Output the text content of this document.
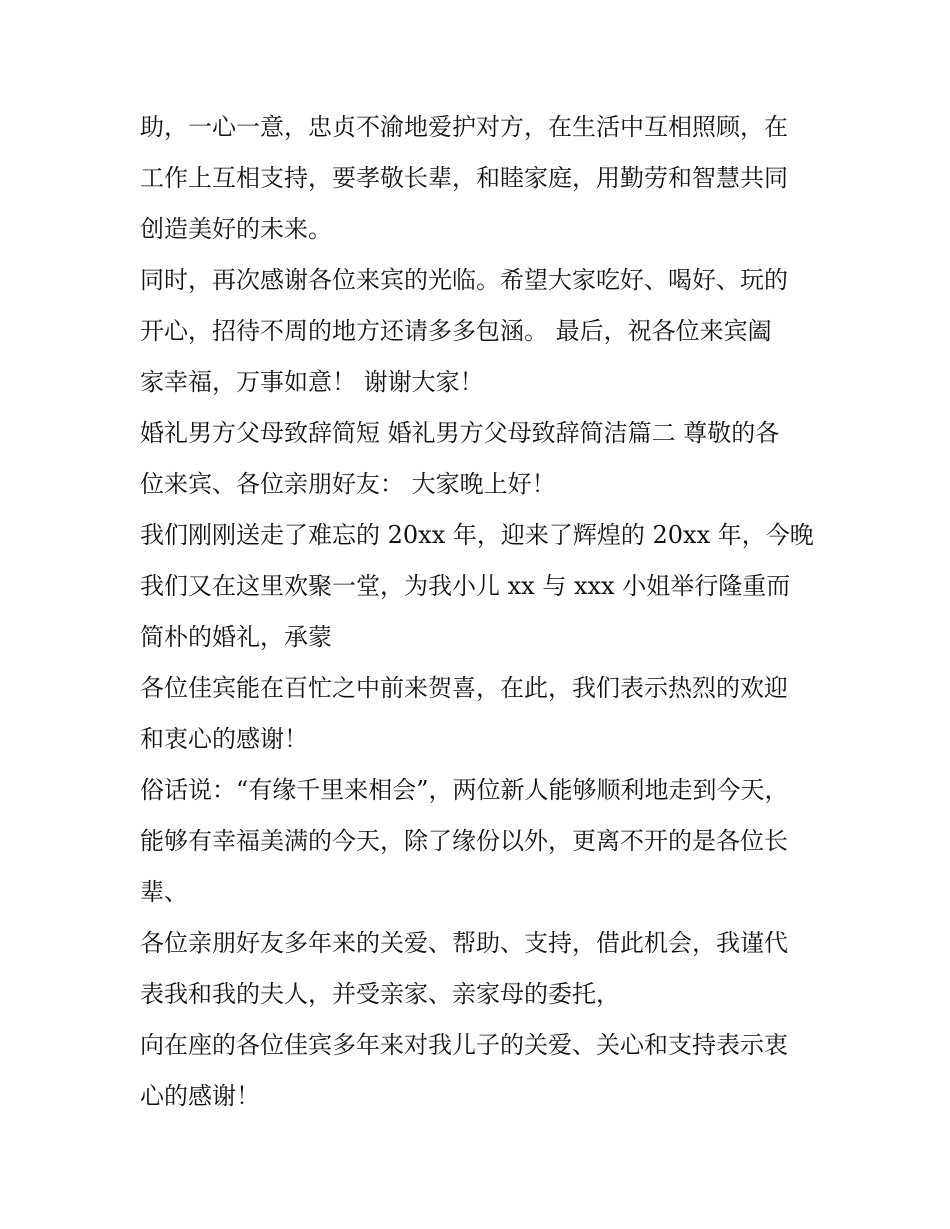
助，一心一意，忠贞不渝地爱护对方，在生活中互相照顾，在
工作上互相支持，要孝敬长辈，和睦家庭，用勤劳和智慧共同
创造美好的未来。
同时，再次感谢各位来宾的光临。希望大家吃好、喝好、玩的
开心，招待不周的地方还请多多包涵。 最后，祝各位来宾阖
家幸福，万事如意！ 谢谢大家！
婚礼男方父母致辞简短 婚礼男方父母致辞简洁篇二 尊敬的各
位来宾、各位亲朋好友： 大家晚上好！
我们刚刚送走了难忘的 20xx 年，迎来了辉煌的 20xx 年，今晚
我们又在这里欢聚一堂，为我小儿 xx 与 xxx 小姐举行隆重而
简朴的婚礼，承蒙
各位佳宾能在百忙之中前来贺喜，在此，我们表示热烈的欢迎
和衷心的感谢！
俗话说：“有缘千里来相会”，两位新人能够顺利地走到今天，
能够有幸福美满的今天，除了缘份以外，更离不开的是各位长
辈、
各位亲朋好友多年来的关爱、帮助、支持，借此机会，我谨代
表我和我的夫人，并受亲家、亲家母的委托，
向在座的各位佳宾多年来对我儿子的关爱、关心和支持表示衷
心的感谢！
